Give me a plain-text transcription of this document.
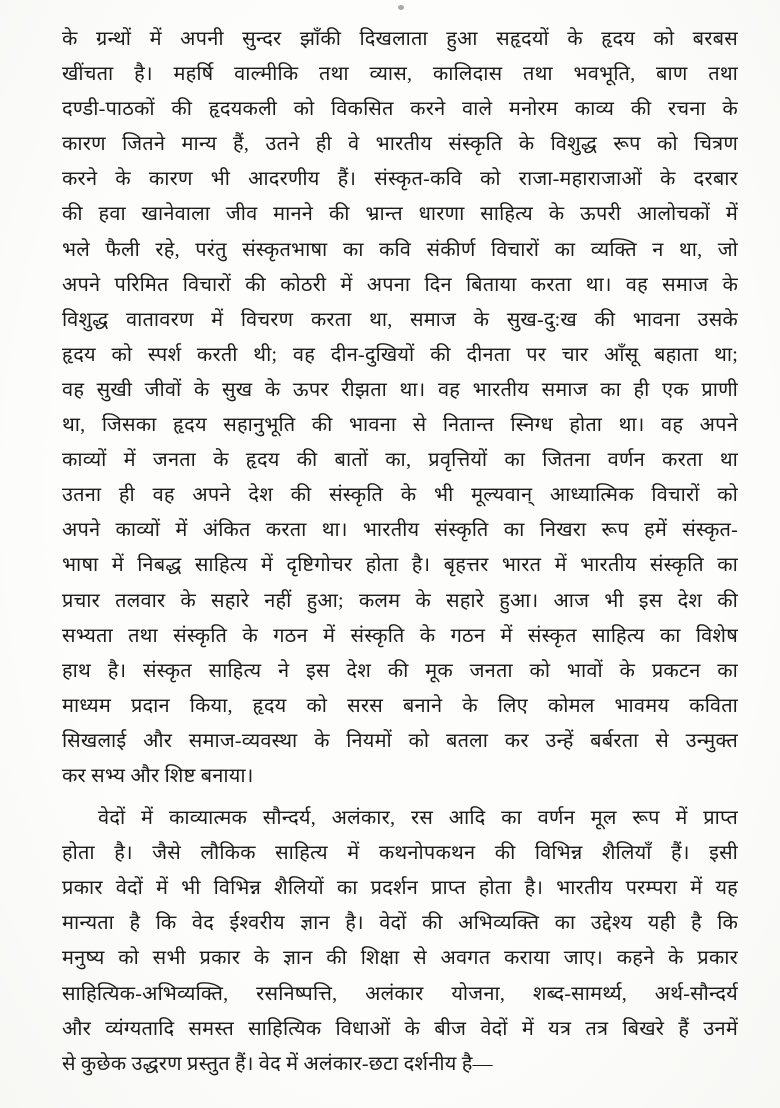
के ग्रन्थों में अपनी सुन्दर झाँकी दिखलाता हुआ सहृदयों के हृदय को बरबस
खींचता है। महर्षि वाल्मीकि तथा व्यास, कालिदास तथा भवभूति, बाण तथा
दण्डी-पाठकों की हृदयकली को विकसित करने वाले मनोरम काव्य की रचना के
कारण जितने मान्य हैं, उतने ही वे भारतीय संस्कृति के विशुद्ध रूप को चित्रण
करने के कारण भी आदरणीय हैं। संस्कृत-कवि को राजा-महाराजाओं के दरबार
की हवा खानेवाला जीव मानने की भ्रान्त धारणा साहित्य के ऊपरी आलोचकों में
भले फैली रहे, परंतु संस्कृतभाषा का कवि संकीर्ण विचारों का व्यक्ति न था, जो
अपने परिमित विचारों की कोठरी में अपना दिन बिताया करता था। वह समाज के
विशुद्ध वातावरण में विचरण करता था, समाज के सुख-दु:ख की भावना उसके
हृदय को स्पर्श करती थी; वह दीन-दुखियों की दीनता पर चार आँसू बहाता था;
वह सुखी जीवों के सुख के ऊपर रीझता था। वह भारतीय समाज का ही एक प्राणी
था, जिसका हृदय सहानुभूति की भावना से नितान्त स्निग्ध होता था। वह अपने
काव्यों में जनता के हृदय की बातों का, प्रवृत्तियों का जितना वर्णन करता था
उतना ही वह अपने देश की संस्कृति के भी मूल्यवान् आध्यात्मिक विचारों को
अपने काव्यों में अंकित करता था। भारतीय संस्कृति का निखरा रूप हमें संस्कृत-
भाषा में निबद्ध साहित्य में दृष्टिगोचर होता है। बृहत्तर भारत में भारतीय संस्कृति का
प्रचार तलवार के सहारे नहीं हुआ; कलम के सहारे हुआ। आज भी इस देश की
सभ्यता तथा संस्कृति के गठन में संस्कृति के गठन में संस्कृत साहित्य का विशेष
हाथ है। संस्कृत साहित्य ने इस देश की मूक जनता को भावों के प्रकटन का
माध्यम प्रदान किया, हृदय को सरस बनाने के लिए कोमल भावमय कविता
सिखलाई और समाज-व्यवस्था के नियमों को बतला कर उन्हें बर्बरता से उन्मुक्त
कर सभ्य और शिष्ट बनाया।
वेदों में काव्यात्मक सौन्दर्य, अलंकार, रस आदि का वर्णन मूल रूप में प्राप्त
होता है। जैसे लौकिक साहित्य में कथनोपकथन की विभिन्न शैलियाँ हैं। इसी
प्रकार वेदों में भी विभिन्न शैलियों का प्रदर्शन प्राप्त होता है। भारतीय परम्परा में यह
मान्यता है कि वेद ईश्वरीय ज्ञान है। वेदों की अभिव्यक्ति का उद्देश्य यही है कि
मनुष्य को सभी प्रकार के ज्ञान की शिक्षा से अवगत कराया जाए। कहने के प्रकार
साहित्यिक-अभिव्यक्ति, रसनिष्पत्ति, अलंकार योजना, शब्द-सामर्थ्य, अर्थ-सौन्दर्य
और व्यंग्यतादि समस्त साहित्यिक विधाओं के बीज वेदों में यत्र तत्र बिखरे हैं उनमें
से कुछेक उद्धरण प्रस्तुत हैं। वेद में अलंकार-छटा दर्शनीय है—
